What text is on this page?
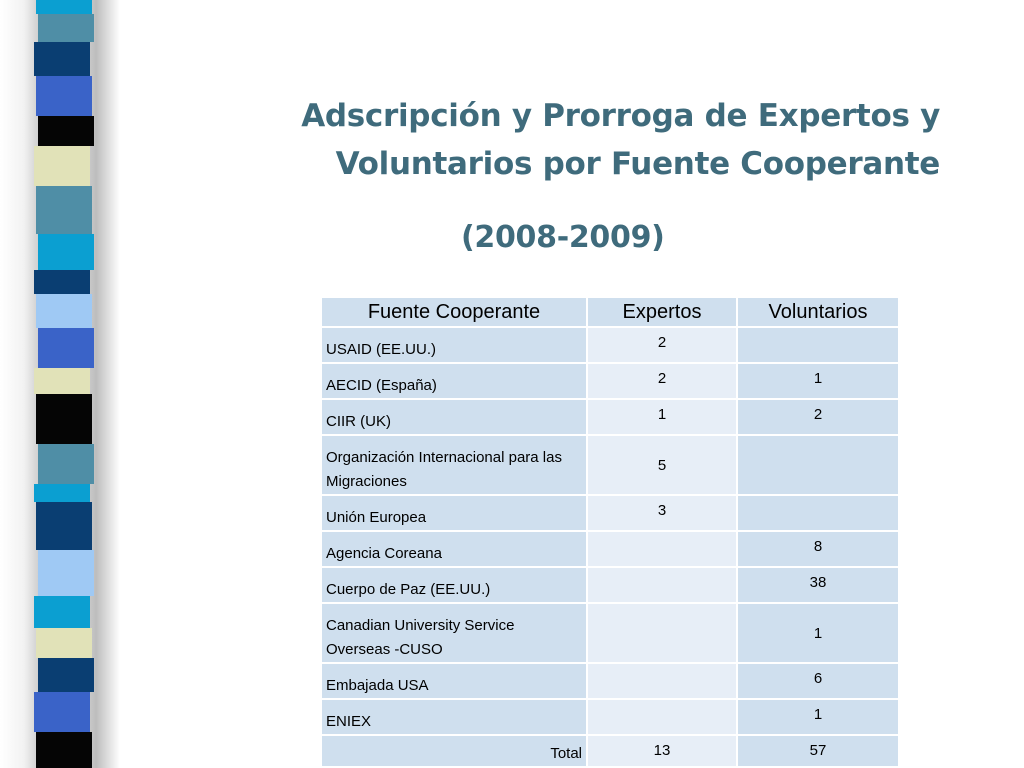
Adscripción y Prorroga de Expertos y
Voluntarios por Fuente Cooperante
(2008-2009)
Fuente Cooperante	Expertos	Voluntarios
USAID (EE.UU.)	2	
AECID (España)	2	1
CIIR (UK)	1	2
Organización Internacional para las Migraciones	5	
Unión Europea	3	
Agencia Coreana		8
Cuerpo de Paz (EE.UU.)		38
Canadian University Service Overseas -CUSO		1
Embajada USA		6
ENIEX		1
Total	13	57
